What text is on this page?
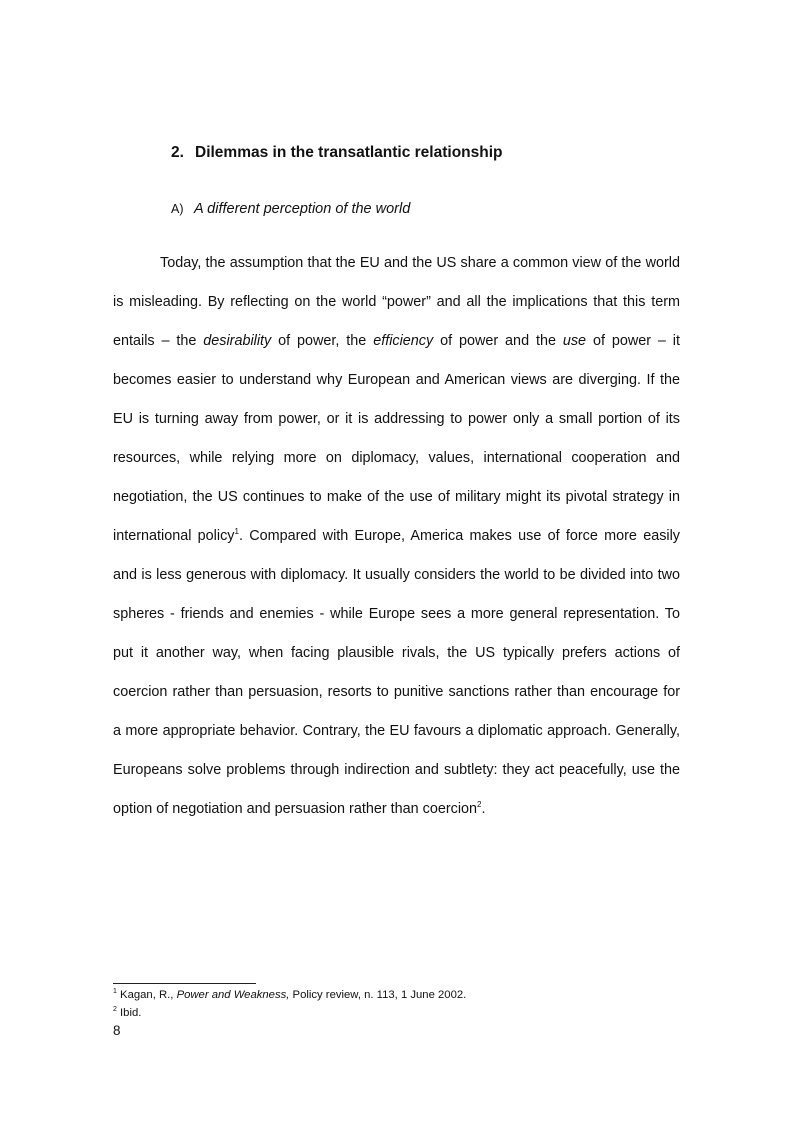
2. Dilemmas in the transatlantic relationship
A) A different perception of the world

Today, the assumption that the EU and the US share a common view of the world is misleading. By reflecting on the world “power” and all the implications that this term entails – the desirability of power, the efficiency of power and the use of power – it becomes easier to understand why European and American views are diverging. If the EU is turning away from power, or it is addressing to power only a small portion of its resources, while relying more on diplomacy, values, international cooperation and negotiation, the US continues to make of the use of military might its pivotal strategy in international policy$^1$. Compared with Europe, America makes use of force more easily and is less generous with diplomacy. It usually considers the world to be divided into two spheres - friends and enemies - while Europe sees a more general representation. To put it another way, when facing plausible rivals, the US typically prefers actions of coercion rather than persuasion, resorts to punitive sanctions rather than encourage for a more appropriate behavior. Contrary, the EU favours a diplomatic approach. Generally, Europeans solve problems through indirection and subtlety: they act peacefully, use the option of negotiation and persuasion rather than coercion$^2$.

$^1$ Kagan, R., Power and Weakness, Policy review, n. 113, 1 June 2002.
$^2$ Ibid.
8
